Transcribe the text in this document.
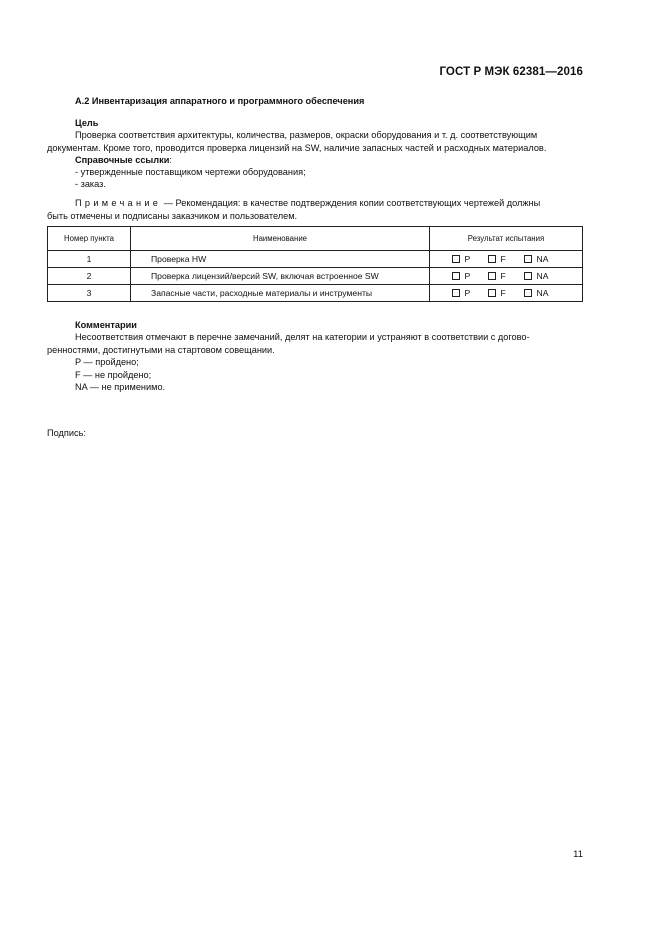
ГОСТ Р МЭК 62381—2016

А.2 Инвентаризация аппаратного и программного обеспечения

Цель

Проверка соответствия архитектуры, количества, размеров, окраски оборудования и т. д. соответствующим

документам. Кроме того, проводится проверка лицензий на SW, наличие запасных частей и расходных материалов.

Справочные ссылки:

- утвержденные поставщиком чертежи оборудования;

- заказ.

Примечание — Рекомендация: в качестве подтверждения копии соответствующих чертежей должны

быть отмечены и подписаны заказчиком и пользователем.

Номер пункта	Наименование	Результат испытания
1	Проверка HW	P F NA

2	Проверка лицензий/версий SW, включая встроенное SW	P F NA

3	Запасные части, расходные материалы и инструменты	P F NA
Комментарии
Несоответствия отмечают в перечне замечаний, делят на категории и устраняют в соответствии с догово-
ренностями, достигнутыми на стартовом совещании.
P — пройдено;
F — не пройдено;
NA — не применимо.
Подпись:
11
